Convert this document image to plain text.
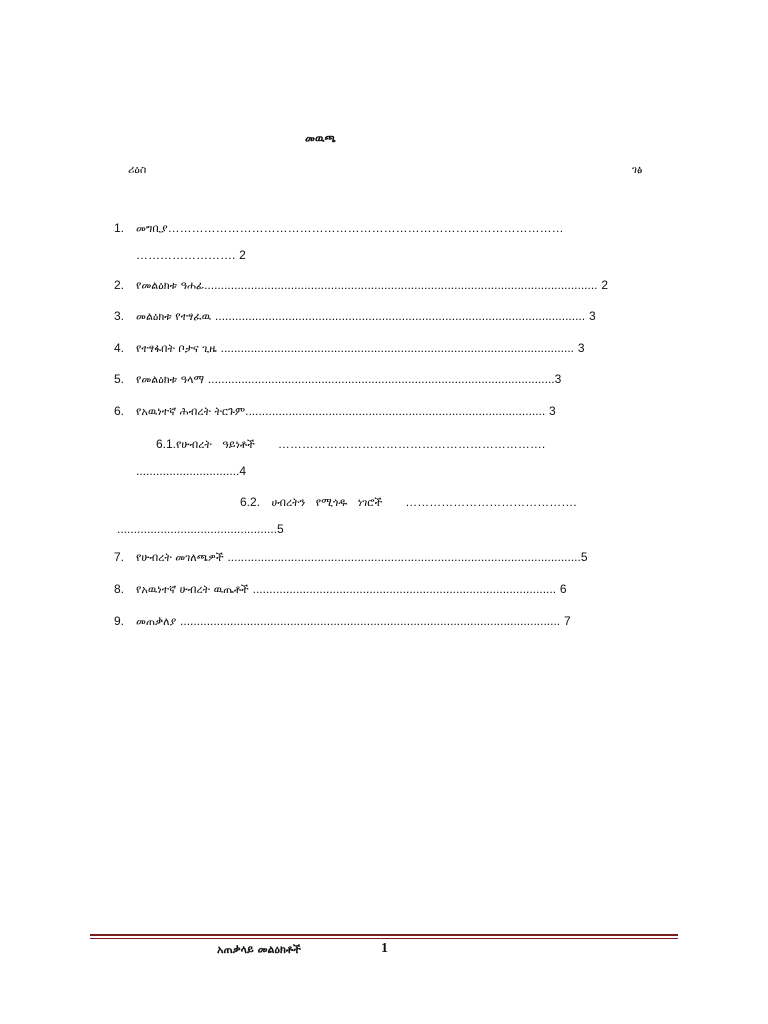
መዉጫ
ሪዕስ	ገፅ
1. መግቢያ………………………………………………………………………………………
……………………. 2
2. የመልዕክቱ ዓሐፊ...................................................................................................................... 2
3. መልዕክቱ የተፃፈዉ ............................................................................................................... 3
4. የተፃፋበት ቦታና ጊዜ .......................................................................................................... 3
5. የመልዕክቱ ዓላማ ........................................................................................................3
6. የአዉነተኛ ሕብረት ትርጉም.......................................................................................... 3
6.1.የሁብረት   ዓይነቶች ………………………………………………………….
...............................4
6.2. ሀብረትን   የሚጎዱ   ነገሮች …………………………………….
................................................5
7. የሁብረት መገለጫዎች ..........................................................................................................5
8. የአዉነተኛ ሁብረት ዉጤቶች ........................................................................................... 6
9. መጠቃለያ .................................................................................................................. 7
አጠቃላይ መልዕክቶች	1
